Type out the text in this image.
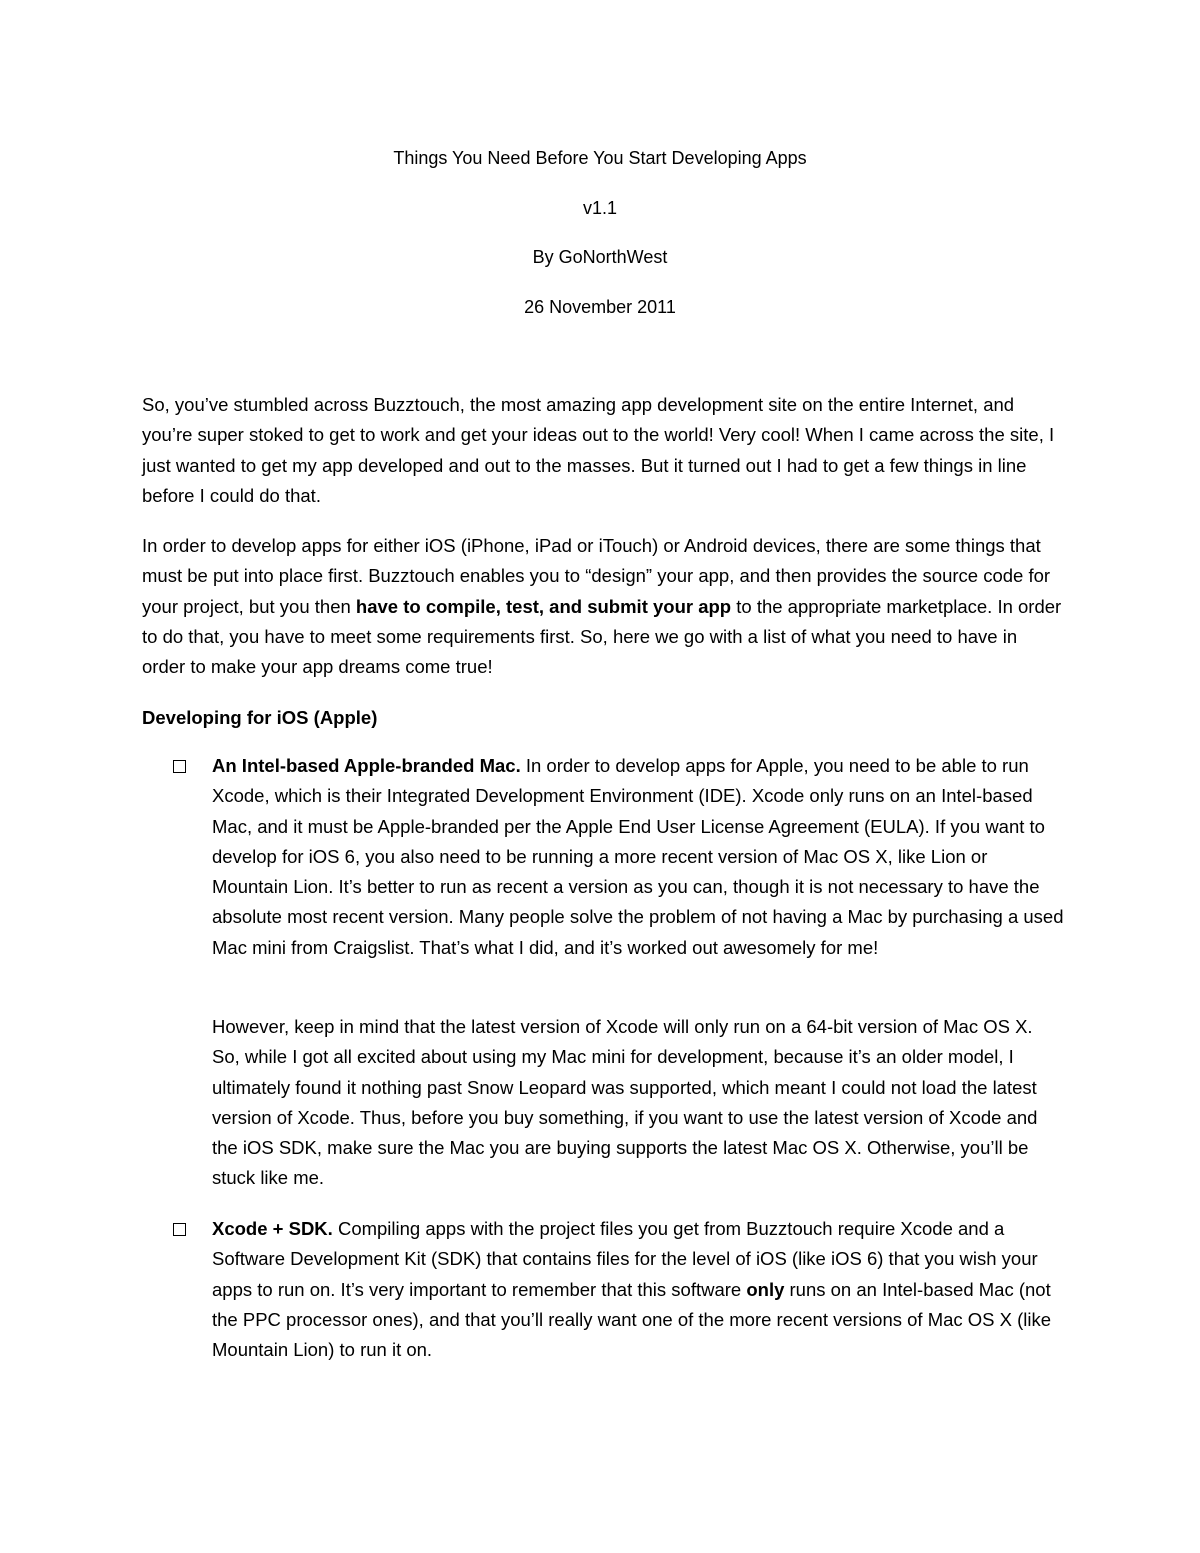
Things You Need Before You Start Developing Apps

v1.1

By GoNorthWest

26 November 2011

So, you’ve stumbled across Buzztouch, the most amazing app development site on the entire Internet, and you’re super stoked to get to work and get your ideas out to the world! Very cool! When I came across the site, I just wanted to get my app developed and out to the masses. But it turned out I had to get a few things in line before I could do that.

In order to develop apps for either iOS (iPhone, iPad or iTouch) or Android devices, there are some things that must be put into place first. Buzztouch enables you to “design” your app, and then provides the source code for your project, but you then have to compile, test, and submit your app to the appropriate marketplace. In order to do that, you have to meet some requirements first. So, here we go with a list of what you need to have in order to make your app dreams come true!

Developing for iOS (Apple)

An Intel-based Apple-branded Mac. In order to develop apps for Apple, you need to be able to run Xcode, which is their Integrated Development Environment (IDE). Xcode only runs on an Intel-based Mac, and it must be Apple-branded per the Apple End User License Agreement (EULA). If you want to develop for iOS 6, you also need to be running a more recent version of Mac OS X, like Lion or Mountain Lion. It’s better to run as recent a version as you can, though it is not necessary to have the absolute most recent version. Many people solve the problem of not having a Mac by purchasing a used Mac mini from Craigslist. That’s what I did, and it’s worked out awesomely for me!

However, keep in mind that the latest version of Xcode will only run on a 64-bit version of Mac OS X. So, while I got all excited about using my Mac mini for development, because it’s an older model, I ultimately found it nothing past Snow Leopard was supported, which meant I could not load the latest version of Xcode. Thus, before you buy something, if you want to use the latest version of Xcode and the iOS SDK, make sure the Mac you are buying supports the latest Mac OS X. Otherwise, you’ll be stuck like me.

Xcode + SDK. Compiling apps with the project files you get from Buzztouch require Xcode and a Software Development Kit (SDK) that contains files for the level of iOS (like iOS 6) that you wish your apps to run on. It’s very important to remember that this software only runs on an Intel-based Mac (not the PPC processor ones), and that you’ll really want one of the more recent versions of Mac OS X (like Mountain Lion) to run it on.
